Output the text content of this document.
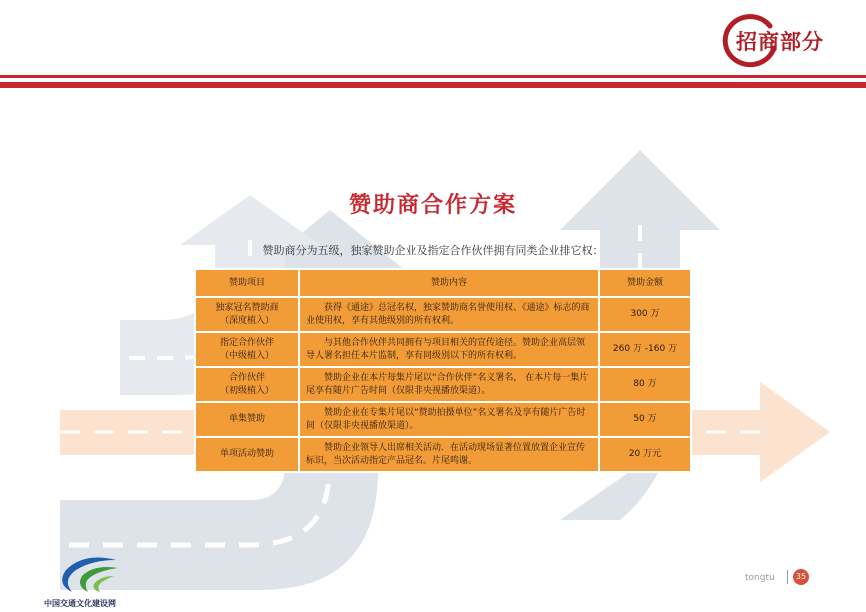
招商部分
赞助商合作方案
赞助商分为五级，独家赞助企业及指定合作伙伴拥有同类企业排它权：
赞助项目	赞助内容	赞助金额

独家冠名赞助商
（深度植入）	获得《通途》总冠名权，独家赞助商名誉使用权、《通途》标志的商业使用权，享有其他级别的所有权利。	300 万

指定合作伙伴
（中级植入）	与其他合作伙伴共同拥有与项目相关的宣传途径。赞助企业高层领导人署名担任本片监制，享有同级别以下的所有权利。	260 万 -160 万

合作伙伴
（初级植入）	赞助企业在本片每集片尾以“合作伙伴”名义署名， 在本片每一集片尾享有随片广告时间（仅限非央视播放渠道）。	80 万

单集赞助	赞助企业在专集片尾以“赞助拍摄单位”名义署名及享有随片广告时间（仅限非央视播放渠道）。	50 万

单项活动赞助	赞助企业领导人出席相关活动．在活动现场显著位置放置企业宣传标识，当次活动指定产品冠名。片尾鸣谢。	20 万元
中国交通文化建设网
tongtu	35
